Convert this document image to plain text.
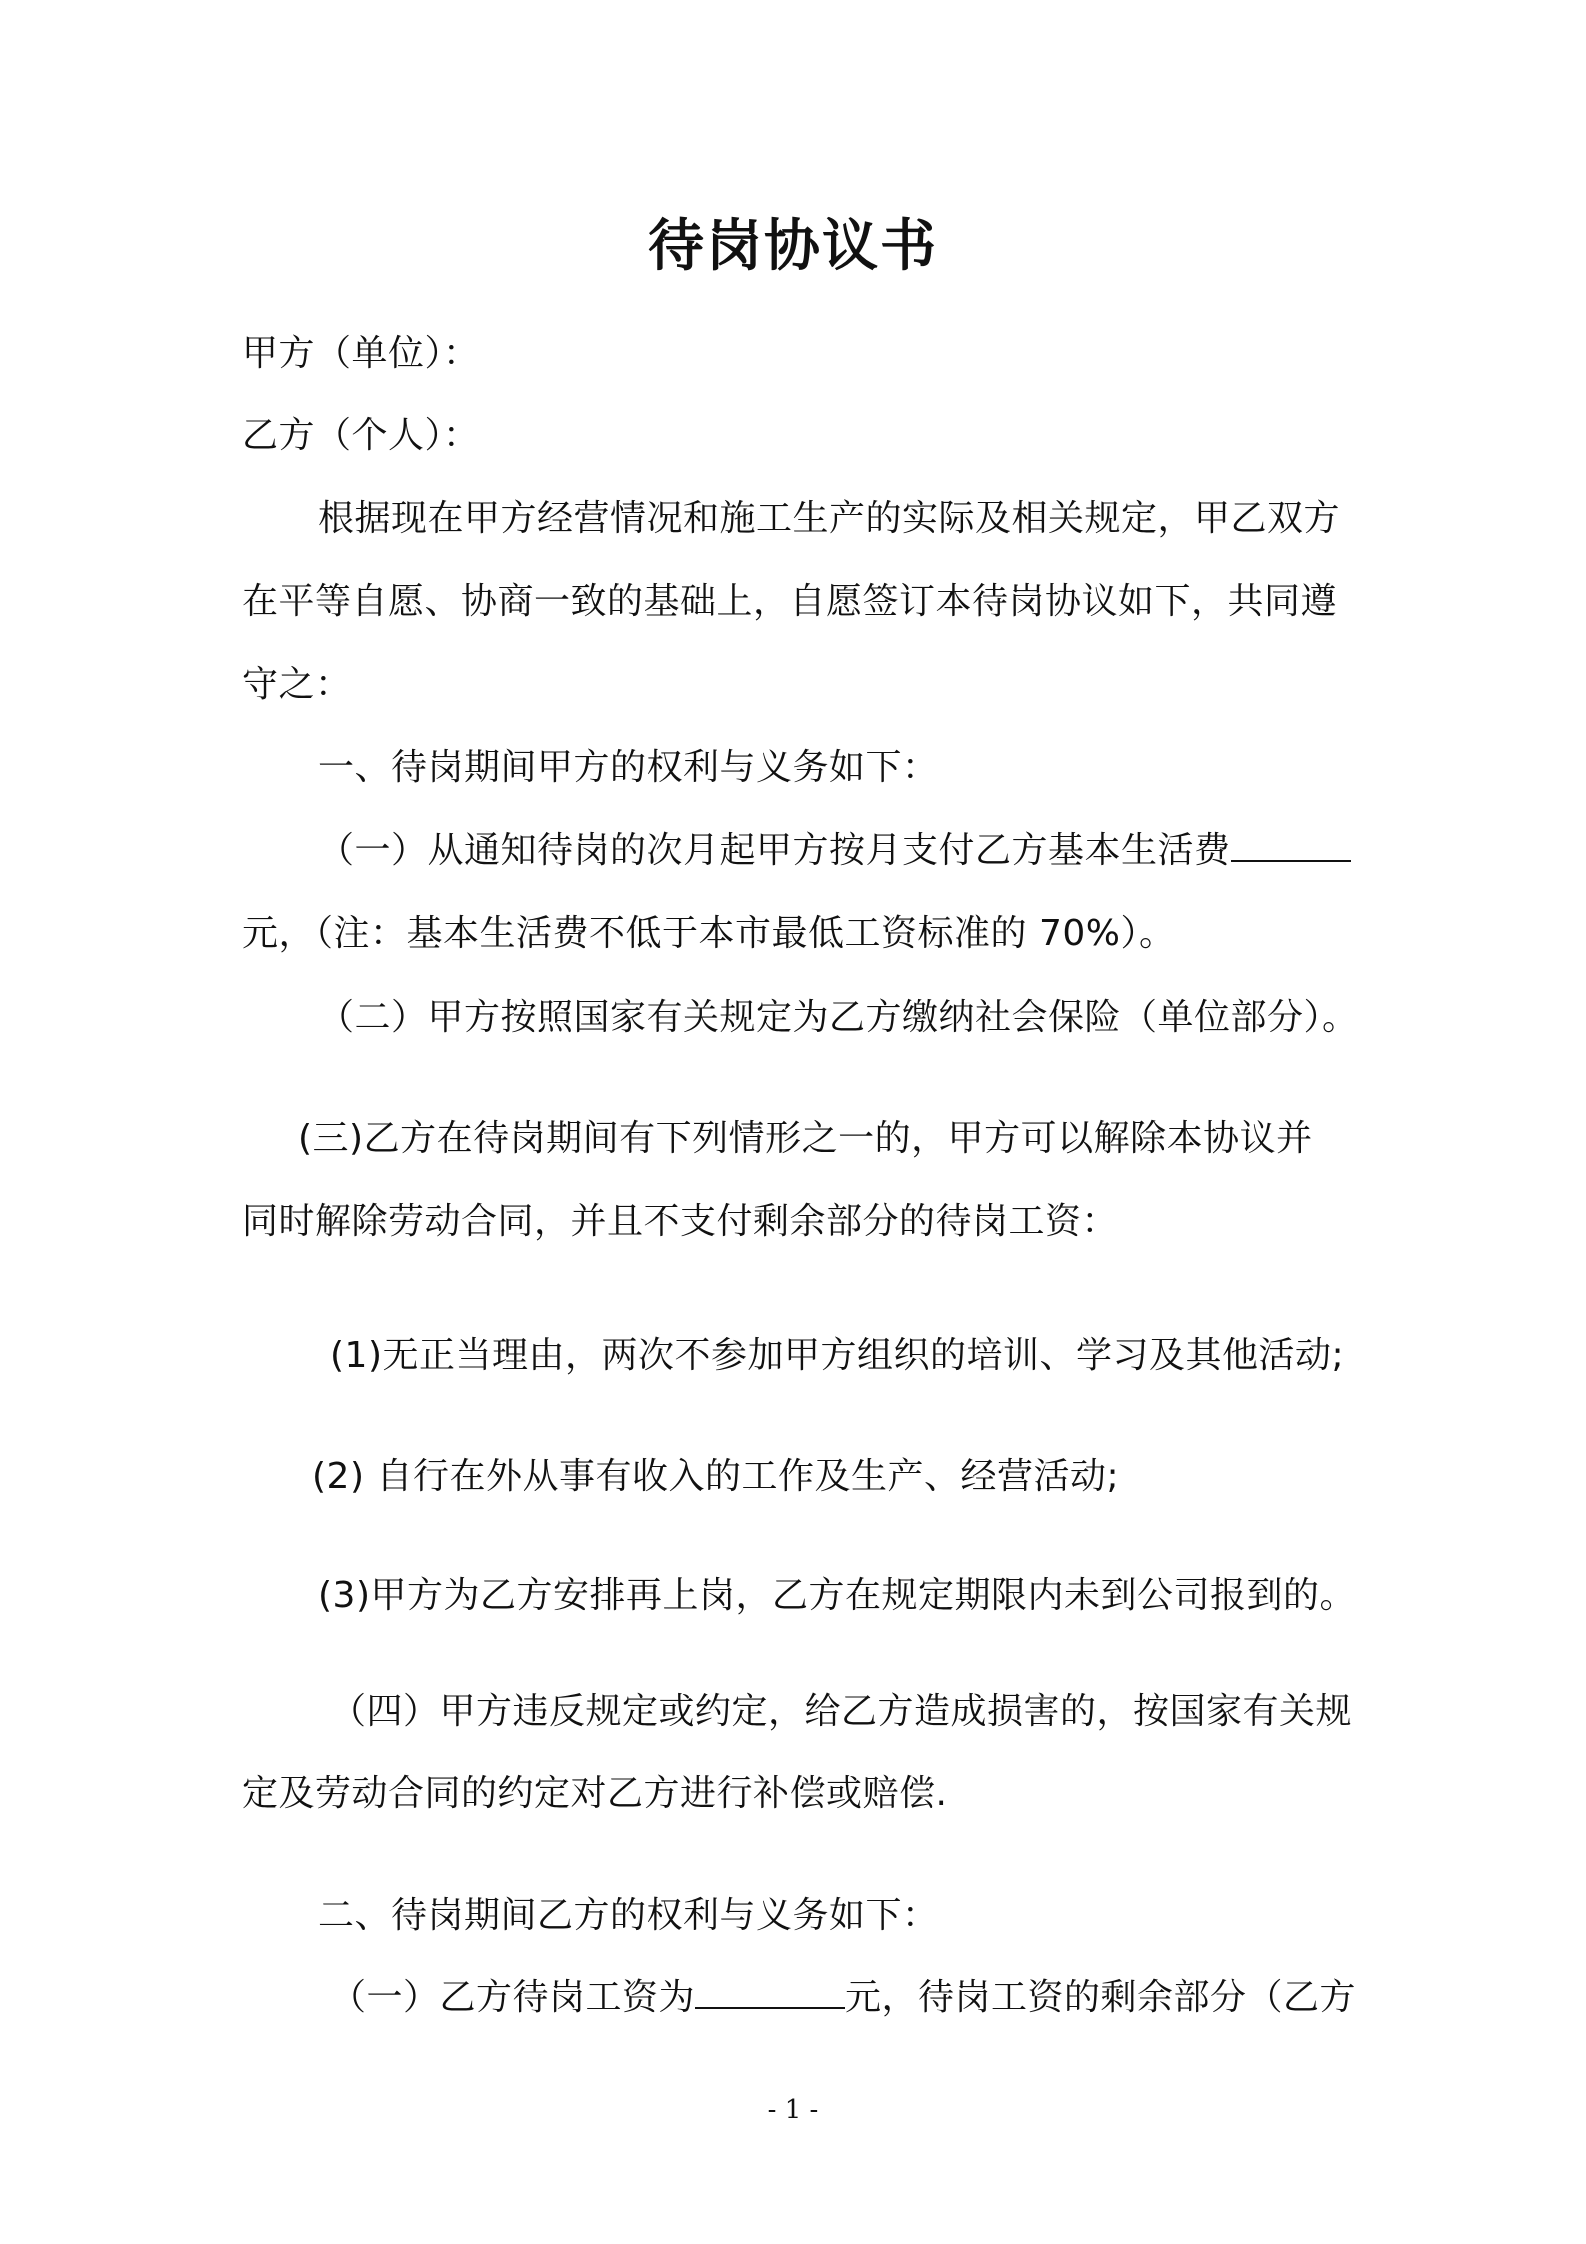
待岗协议书
甲方（单位）：
乙方（个人）：
根据现在甲方经营情况和施工生产的实际及相关规定，甲乙双方
在平等自愿、协商一致的基础上，自愿签订本待岗协议如下，共同遵
守之：
一、待岗期间甲方的权利与义务如下：
（一）从通知待岗的次月起甲方按月支付乙方基本生活费
元，（注：基本生活费不低于本市最低工资标准的 70%）。
（二）甲方按照国家有关规定为乙方缴纳社会保险（单位部分）。
(三)乙方在待岗期间有下列情形之一的，甲方可以解除本协议并
同时解除劳动合同，并且不支付剩余部分的待岗工资：
(1)无正当理由，两次不参加甲方组织的培训、学习及其他活动;
(2) 自行在外从事有收入的工作及生产、经营活动;
(3)甲方为乙方安排再上岗，乙方在规定期限内未到公司报到的。
（四）甲方违反规定或约定，给乙方造成损害的，按国家有关规
定及劳动合同的约定对乙方进行补偿或赔偿.
二、待岗期间乙方的权利与义务如下：
（一）乙方待岗工资为	元，待岗工资的剩余部分（乙方
- 1 -
